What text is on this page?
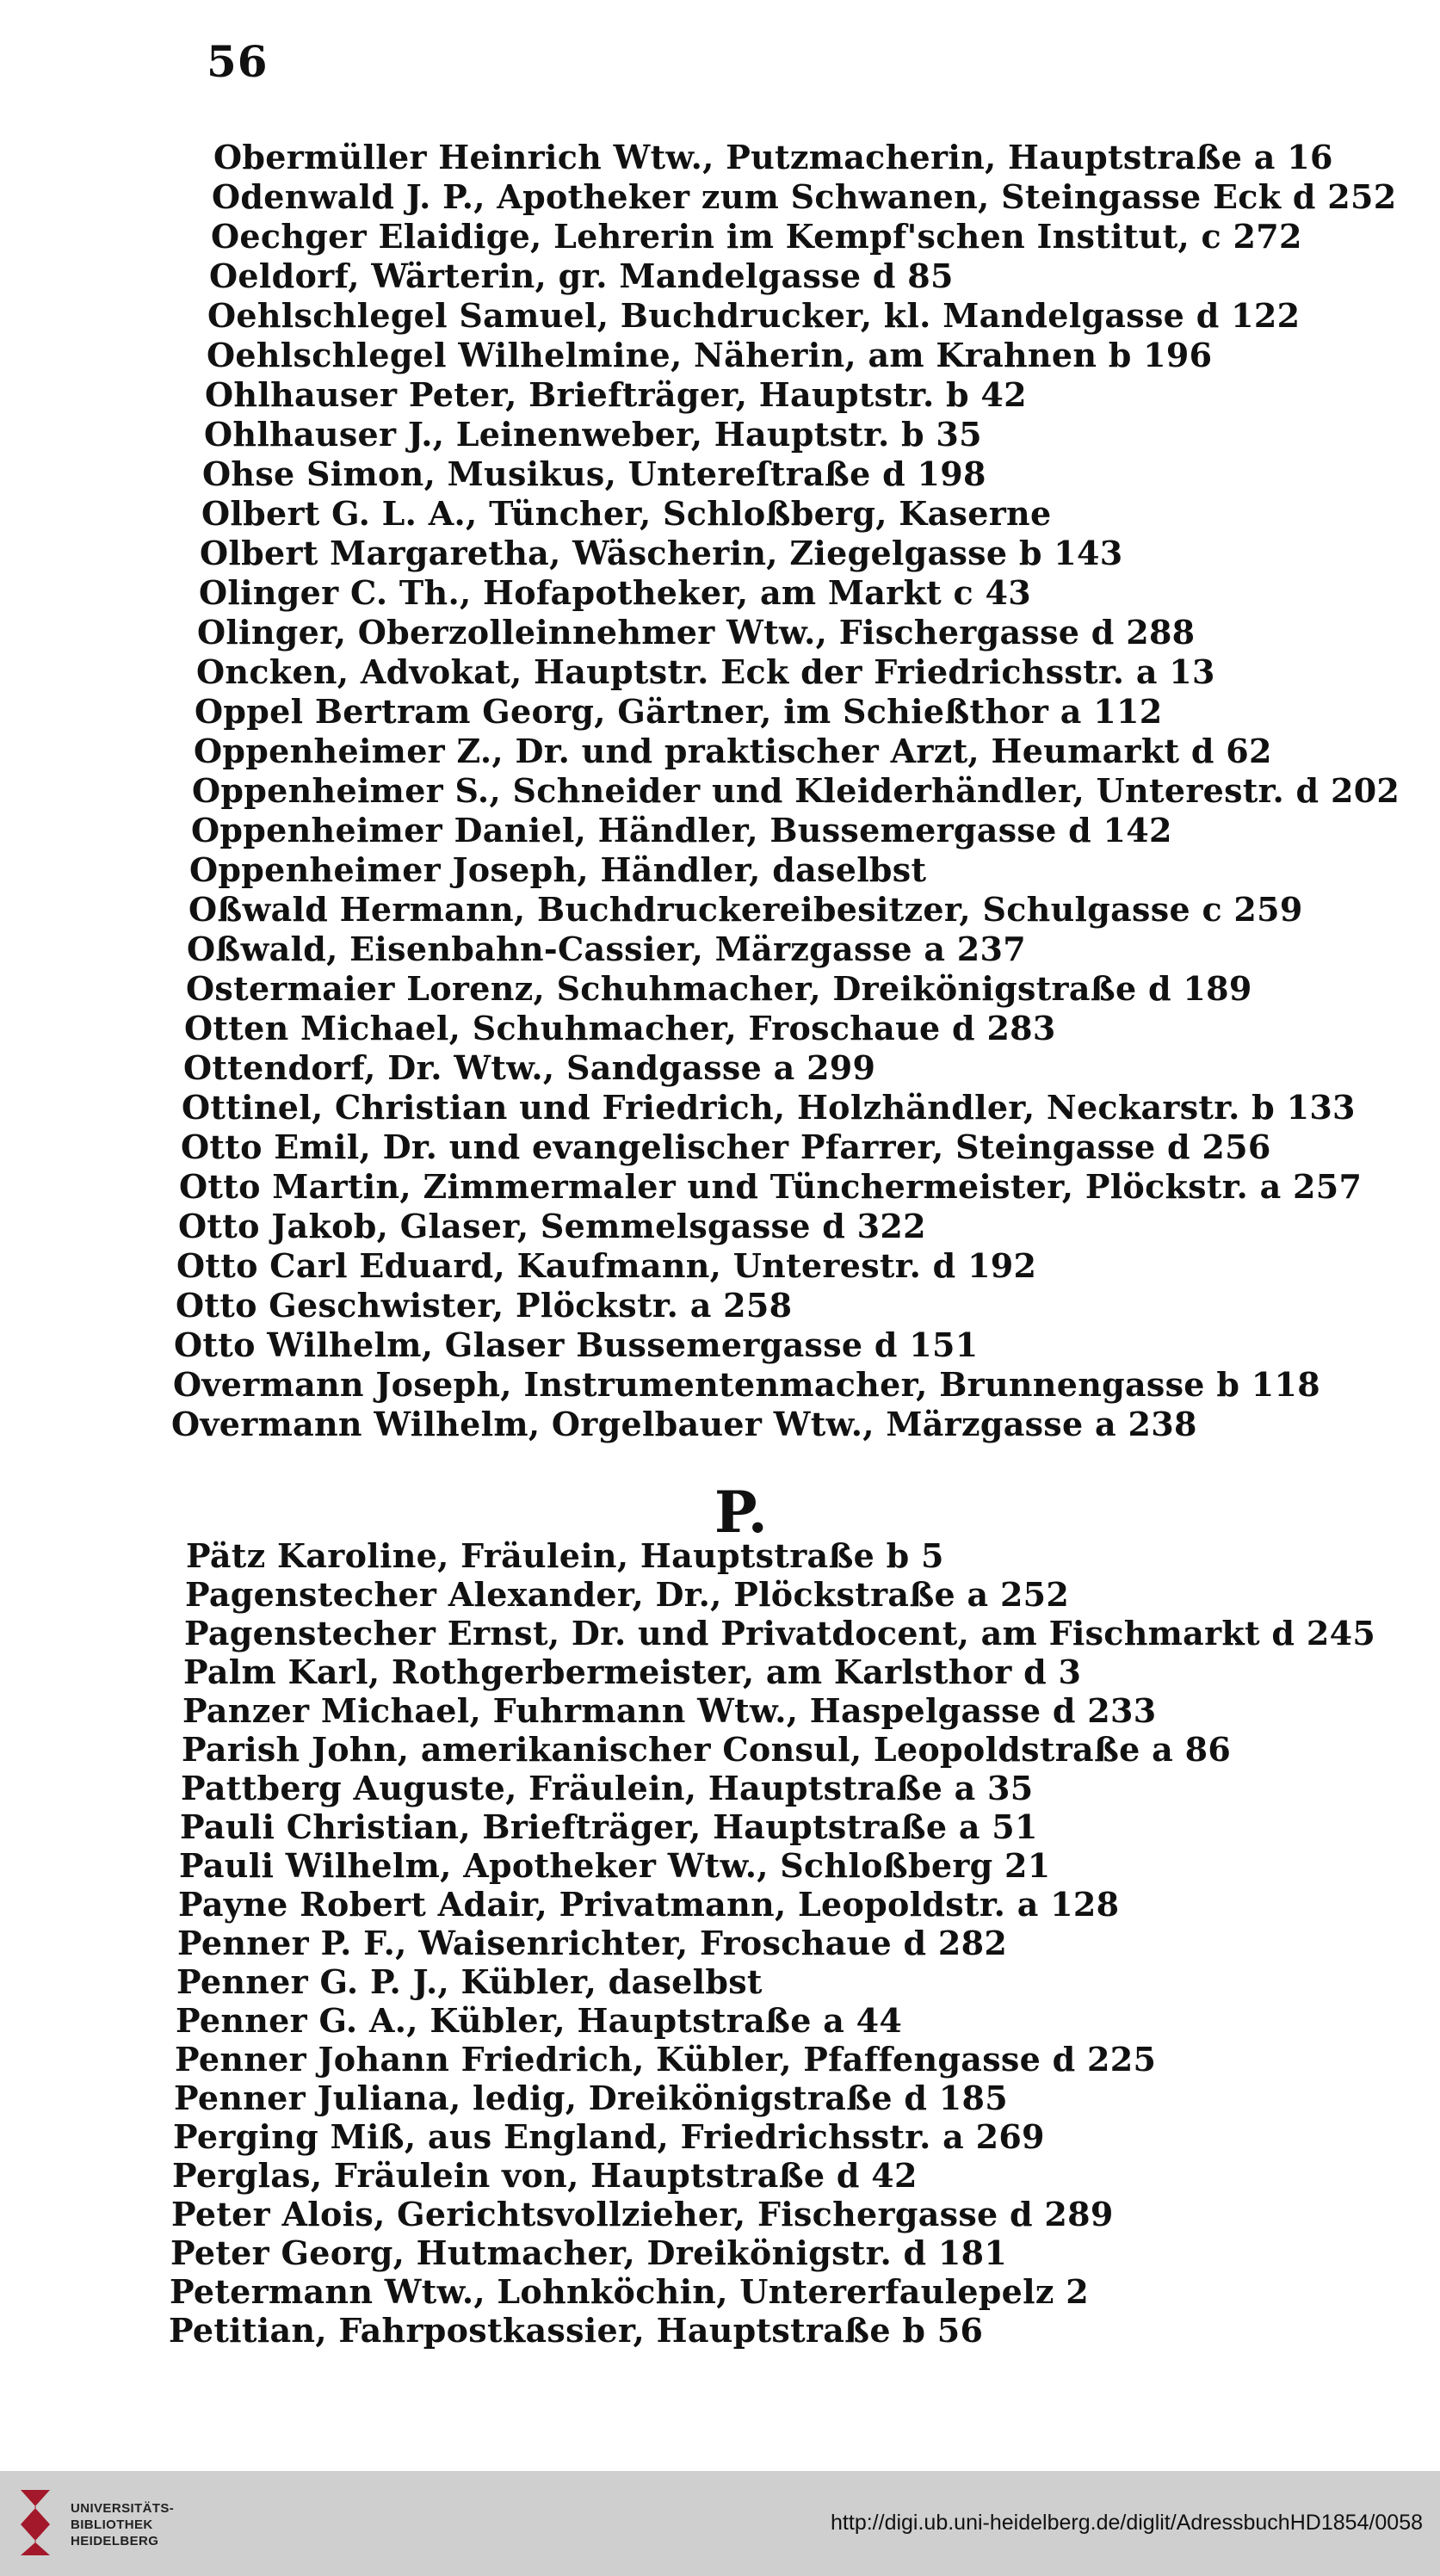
56
Obermüller Heinrich Wtw., Putzmacherin, Hauptstraße a 16
Odenwald J. P., Apotheker zum Schwanen, Steingasse Eck d 252
Oechger Elaidige, Lehrerin im Kempf'schen Institut, c 272
Oeldorf, Wärterin, gr. Mandelgasse d 85
Oehlschlegel Samuel, Buchdrucker, kl. Mandelgasse d 122
Oehlschlegel Wilhelmine, Näherin, am Krahnen b 196
Ohlhauser Peter, Briefträger, Hauptstr. b 42
Ohlhauser J., Leinenweber, Hauptstr. b 35
Ohse Simon, Musikus, Untereſtraße d 198
Olbert G. L. A., Tüncher, Schloßberg, Kaserne
Olbert Margaretha, Wäscherin, Ziegelgasse b 143
Olinger C. Th., Hofapotheker, am Markt c 43
Olinger, Oberzolleinnehmer Wtw., Fischergasse d 288
Oncken, Advokat, Hauptstr. Eck der Friedrichsstr. a 13
Oppel Bertram Georg, Gärtner, im Schießthor a 112
Oppenheimer Z., Dr. und praktischer Arzt, Heumarkt d 62
Oppenheimer S., Schneider und Kleiderhändler, Unterestr. d 202
Oppenheimer Daniel, Händler, Bussemergasse d 142
Oppenheimer Joseph, Händler, daselbst
Oßwald Hermann, Buchdruckereibesitzer, Schulgasse c 259
Oßwald, Eisenbahn-Cassier, Märzgasse a 237
Ostermaier Lorenz, Schuhmacher, Dreikönigstraße d 189
Otten Michael, Schuhmacher, Froschaue d 283
Ottendorf, Dr. Wtw., Sandgasse a 299
Ottinel, Christian und Friedrich, Holzhändler, Neckarstr. b 133
Otto Emil, Dr. und evangelischer Pfarrer, Steingasse d 256
Otto Martin, Zimmermaler und Tünchermeister, Plöckstr. a 257
Otto Jakob, Glaser, Semmelsgasse d 322
Otto Carl Eduard, Kaufmann, Unterestr. d 192
Otto Geschwister, Plöckstr. a 258
Otto Wilhelm, Glaser Bussemergasse d 151
Overmann Joseph, Instrumentenmacher, Brunnengasse b 118
Overmann Wilhelm, Orgelbauer Wtw., Märzgasse a 238
P.
Pätz Karoline, Fräulein, Hauptstraße b 5
Pagenstecher Alexander, Dr., Plöckstraße a 252
Pagenstecher Ernst, Dr. und Privatdocent, am Fischmarkt d 245
Palm Karl, Rothgerbermeister, am Karlsthor d 3
Panzer Michael, Fuhrmann Wtw., Haspelgasse d 233
Parish John, amerikanischer Consul, Leopoldstraße a 86
Pattberg Auguste, Fräulein, Hauptstraße a 35
Pauli Christian, Briefträger, Hauptstraße a 51
Pauli Wilhelm, Apotheker Wtw., Schloßberg 21
Payne Robert Adair, Privatmann, Leopoldstr. a 128
Penner P. F., Waisenrichter, Froschaue d 282
Penner G. P. J., Kübler, daselbst
Penner G. A., Kübler, Hauptstraße a 44
Penner Johann Friedrich, Kübler, Pfaffengasse d 225
Penner Juliana, ledig, Dreikönigstraße d 185
Perging Miß, aus England, Friedrichsstr. a 269
Perglas, Fräulein von, Hauptstraße d 42
Peter Alois, Gerichtsvollzieher, Fischergasse d 289
Peter Georg, Hutmacher, Dreikönigstr. d 181
Petermann Wtw., Lohnköchin, Untererfaulepelz 2
Petitian, Fahrpostkassier, Hauptstraße b 56
UNIVERSITÄTS-
BIBLIOTHEK
HEIDELBERG
http://digi.ub.uni-heidelberg.de/diglit/AdressbuchHD1854/0058
